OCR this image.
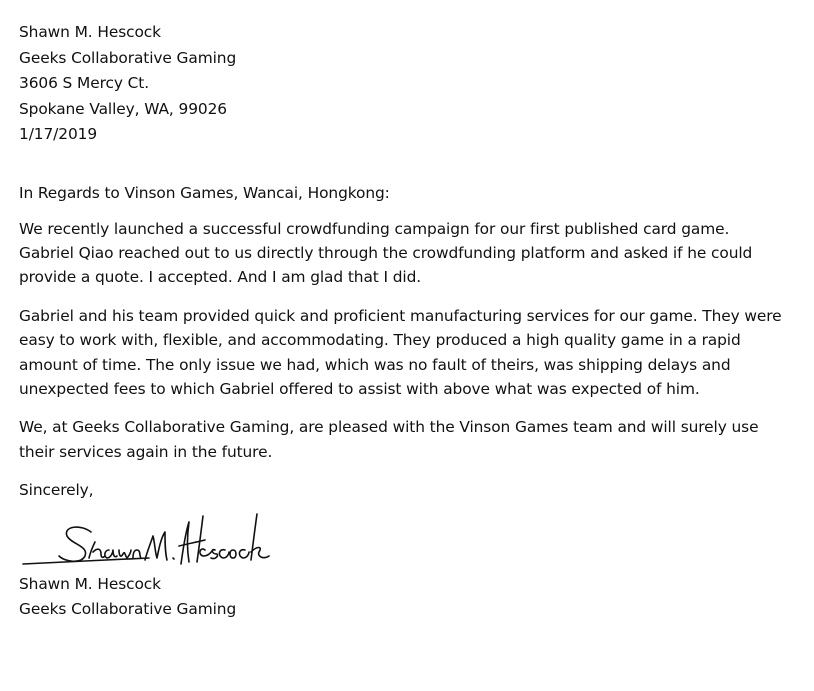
Shawn M. Hescock
Geeks Collaborative Gaming
3606 S Mercy Ct.
Spokane Valley, WA, 99026
1/17/2019
In Regards to Vinson Games, Wancai, Hongkong:

We recently launched a successful crowdfunding campaign for our first published card game.
Gabriel Qiao reached out to us directly through the crowdfunding platform and asked if he could
provide a quote. I accepted. And I am glad that I did.

Gabriel and his team provided quick and proficient manufacturing services for our game. They were
easy to work with, flexible, and accommodating. They produced a high quality game in a rapid
amount of time. The only issue we had, which was no fault of theirs, was shipping delays and
unexpected fees to which Gabriel offered to assist with above what was expected of him.

We, at Geeks Collaborative Gaming, are pleased with the Vinson Games team and will surely use
their services again in the future.

Sincerely,
Shawn M. Hescock
Geeks Collaborative Gaming
